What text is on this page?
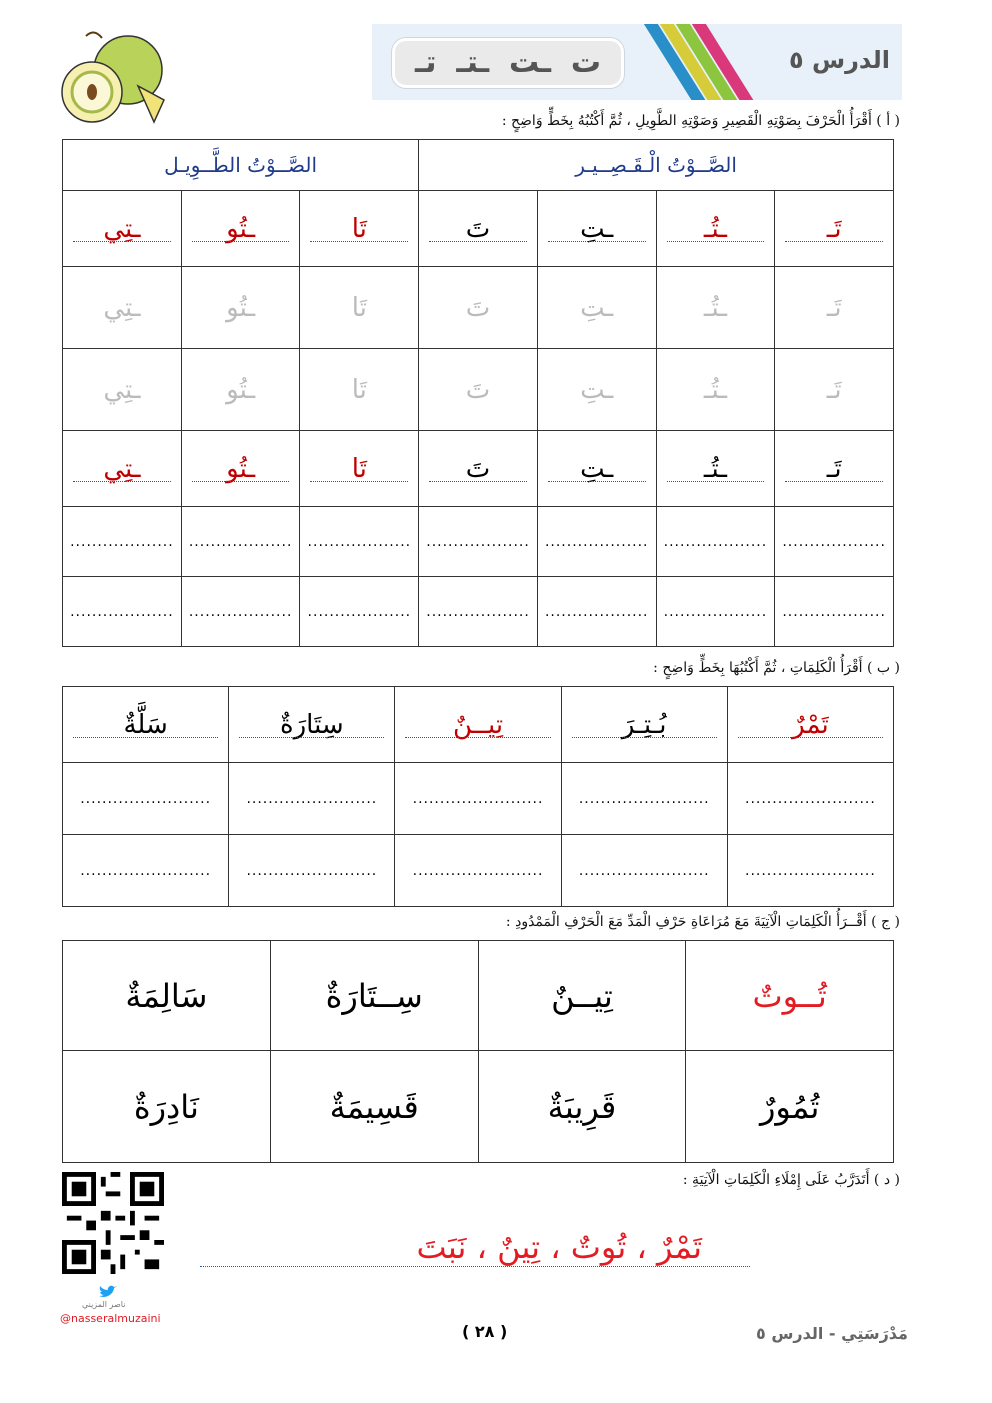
ت
ـت
ـتـ
تـ	الدرس ٥
( أ ) أَقْرَأُ الْحَرْفَ بِصَوْتِهِ الْقَصِيرِ وَصَوْتِهِ الطَّوِيلِ ، ثُمَّ أَكْتُبُهُ بِخَطٍّ وَاضِحٍ :
الصَّــوْتُ الْـقَـصِــيـر				الصَّــوْتُ الطَّــوِيـل		
تَـ	ـتُـ	ـتِ	تَ	تَا	ـتُو	ـتِي

تَـ	ـتُـ	ـتِ	تَ	تَا	ـتُو	ـتِي
تَـ	ـتُـ	ـتِ	تَ	تَا	ـتُو	ـتِي
تَـ	ـتُـ	ـتِ	تَ	تَا	ـتُو	ـتِي

...................	...................	...................	...................	...................	...................	...................
...................	...................	...................	...................	...................	...................	...................
( ب ) أَقْرَأُ الْكَلِمَاتِ ، ثُمَّ أَكْتُبُهَا بِخَطٍّ وَاضِحٍ :
تَمْرٌ	بُـتِـرَ	تِيــنٌ	سِتَارَةٌ	سَلَّةٌ

........................	........................	........................	........................	........................
........................	........................	........................	........................	........................
( ج ) أَقْــرَأُ الْكَلِمَاتِ الْآتِيَةَ مَعَ مُرَاعَاةِ حَرْفِ الْمَدِّ مَعَ الْحَرْفِ الْمَمْدُودِ :
تُــوتٌ	تِيــنٌ	سِــتَارَةٌ	سَالِمَةٌ
تُمُورٌ	قَرِيبَةٌ	قَسِيمَةٌ	نَادِرَةٌ
( د ) أَتَدَرَّبُ عَلَى إِمْلَاءِ الْكَلِمَاتِ الْآتِيَةِ :
تَمْرٌ ، تُوتٌ ، تِينٌ ، نَبَتَ
ناصر المزيني
@nasseralmuzaini
( ٢٨ )	مَدْرَسَتِي - الدرس ٥
